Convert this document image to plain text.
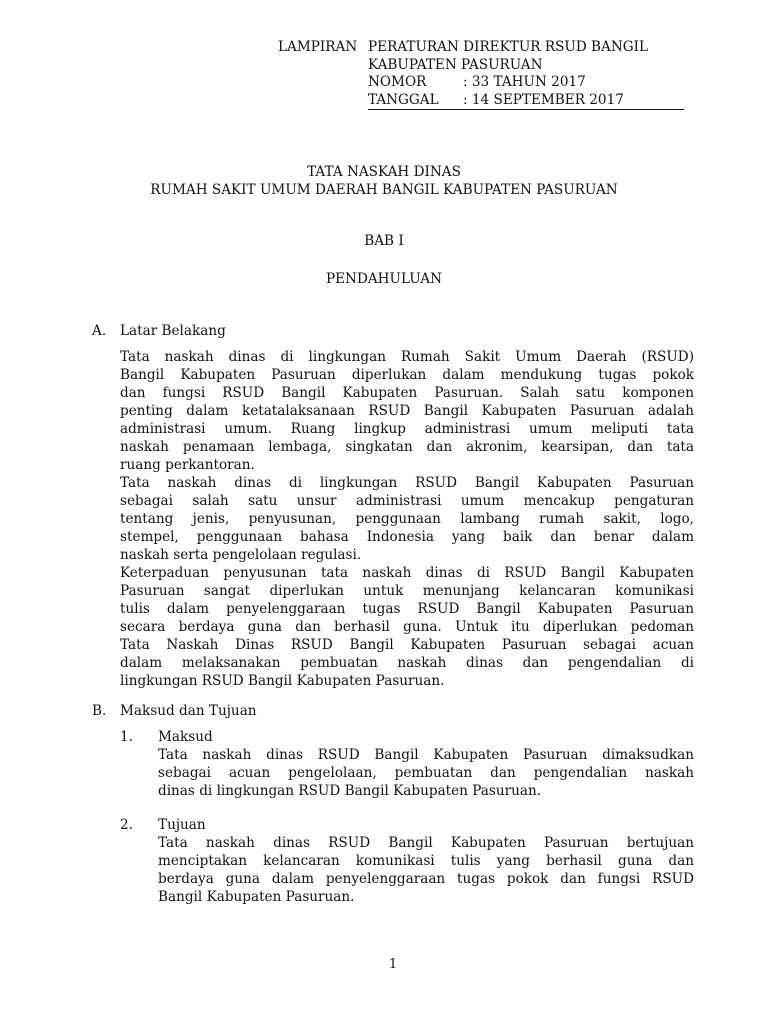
LAMPIRAN PERATURAN DIREKTUR RSUD BANGIL
KABUPATEN PASURUAN
NOMOR	: 33 TAHUN 2017
TANGGAL : 14 SEPTEMBER 2017
TATA NASKAH DINAS
RUMAH SAKIT UMUM DAERAH BANGIL KABUPATEN PASURUAN
BAB I
PENDAHULUAN
A. Latar Belakang
Tata naskah dinas di lingkungan Rumah Sakit Umum Daerah (RSUD)
Bangil Kabupaten Pasuruan diperlukan dalam mendukung tugas pokok
dan fungsi RSUD Bangil Kabupaten Pasuruan. Salah satu komponen
penting dalam ketatalaksanaan RSUD Bangil Kabupaten Pasuruan adalah
administrasi umum. Ruang lingkup administrasi umum meliputi tata
naskah penamaan lembaga, singkatan dan akronim, kearsipan, dan tata
ruang perkantoran.
Tata naskah dinas di lingkungan RSUD Bangil Kabupaten Pasuruan
sebagai salah satu unsur administrasi umum mencakup pengaturan
tentang jenis, penyusunan, penggunaan lambang rumah sakit, logo,
stempel, penggunaan bahasa Indonesia yang baik dan benar dalam
naskah serta pengelolaan regulasi.
Keterpaduan penyusunan tata naskah dinas di RSUD Bangil Kabupaten
Pasuruan sangat diperlukan untuk menunjang kelancaran komunikasi
tulis dalam penyelenggaraan tugas RSUD Bangil Kabupaten Pasuruan
secara berdaya guna dan berhasil guna. Untuk itu diperlukan pedoman
Tata Naskah Dinas RSUD Bangil Kabupaten Pasuruan sebagai acuan
dalam melaksanakan pembuatan naskah dinas dan pengendalian di
lingkungan RSUD Bangil Kabupaten Pasuruan.
B. Maksud dan Tujuan
1. Maksud
Tata naskah dinas RSUD Bangil Kabupaten Pasuruan dimaksudkan
sebagai acuan pengelolaan, pembuatan dan pengendalian naskah
dinas di lingkungan RSUD Bangil Kabupaten Pasuruan.
2. Tujuan
Tata naskah dinas RSUD Bangil Kabupaten Pasuruan bertujuan
menciptakan kelancaran komunikasi tulis yang berhasil guna dan
berdaya guna dalam penyelenggaraan tugas pokok dan fungsi RSUD
Bangil Kabupaten Pasuruan.
1
